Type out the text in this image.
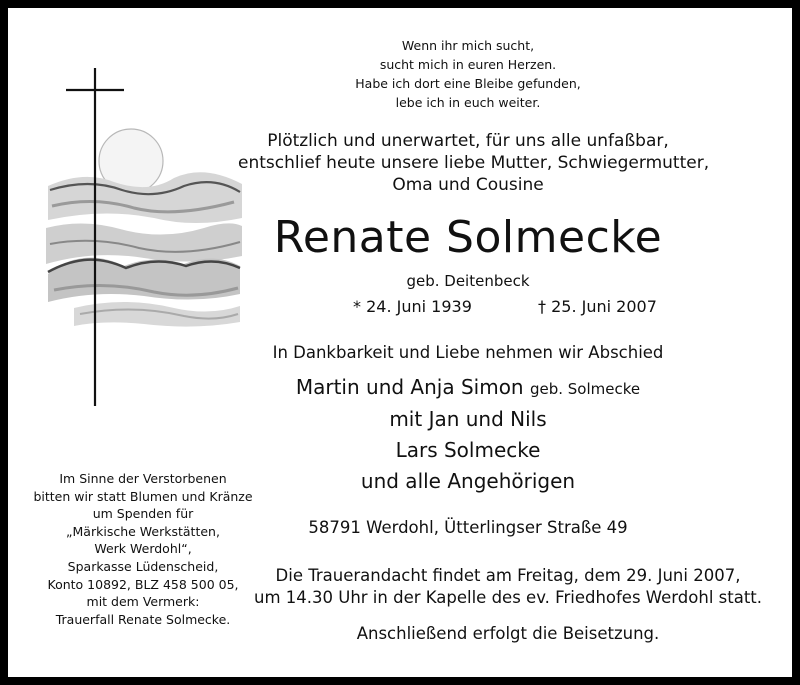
Wenn ihr mich sucht,
sucht mich in euren Herzen.
Habe ich dort eine Bleibe gefunden,
lebe ich in euch weiter.
Plötzlich und unerwartet, für uns alle unfaßbar,
entschlief heute unsere liebe Mutter, Schwiegermutter,
Oma und Cousine
Renate Solmecke
geb. Deitenbeck
* 24. Juni 1939	† 25. Juni 2007
In Dankbarkeit und Liebe nehmen wir Abschied
Martin und Anja Simon geb. Solmecke
mit Jan und Nils
Lars Solmecke
und alle Angehörigen
58791 Werdohl, Ütterlingser Straße 49
Die Trauerandacht findet am Freitag, dem 29. Juni 2007,
um 14.30 Uhr in der Kapelle des ev. Friedhofes Werdohl statt.
Anschließend erfolgt die Beisetzung.
Im Sinne der Verstorbenen
bitten wir statt Blumen und Kränze
um Spenden für
„Märkische Werkstätten,
Werk Werdohl“,
Sparkasse Lüdenscheid,
Konto 10892, BLZ 458 500 05,
mit dem Vermerk:
Trauerfall Renate Solmecke.
